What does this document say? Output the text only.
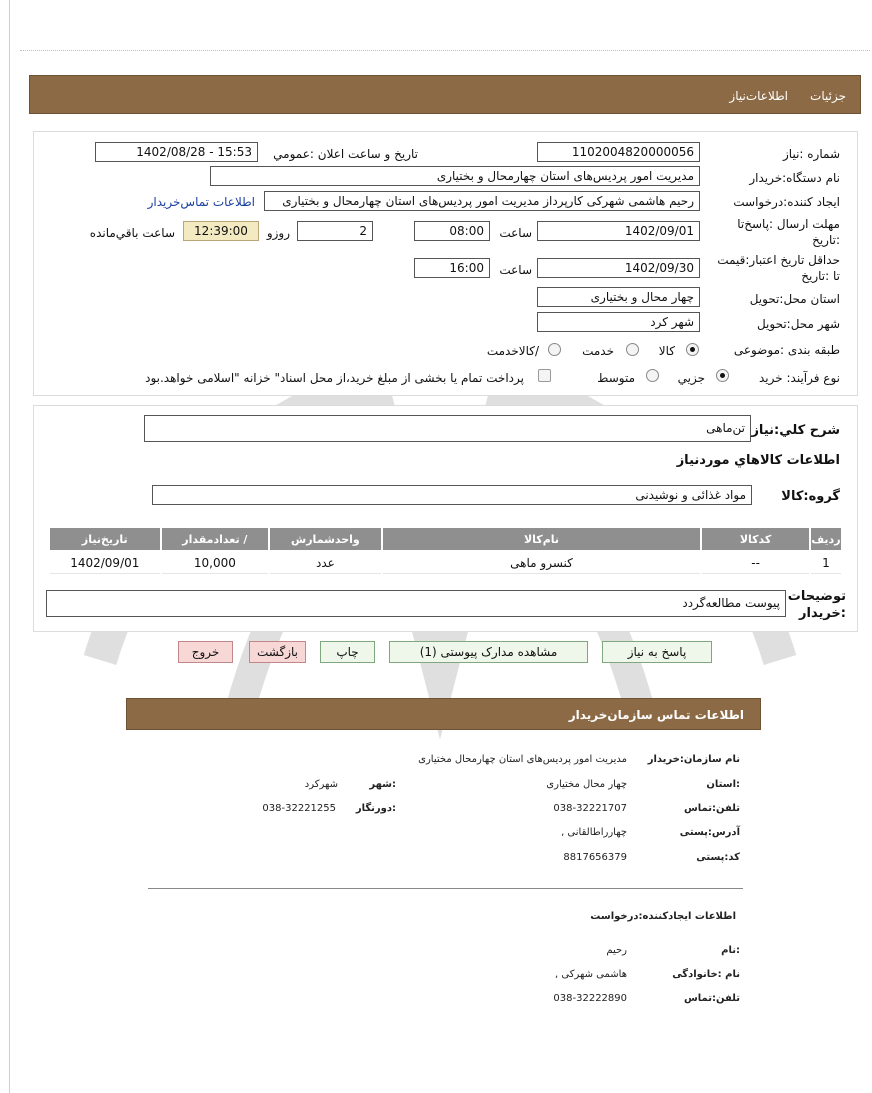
جزئیات
اطلاعات‌نیاز
شماره :نیاز
1102004820000056
تاریخ و ساعت اعلان :عمومي
1402/08/28 - 15:53
نام دستگاه:خریدار
مدیریت امور پردیس‌های استان چهارمحال و بختیاری
ایجاد کننده:درخواست
رحیم هاشمی شهرکی کارپرداز مدیریت امور پردیس‌های استان چهارمحال و بختیاری
اطلاعات تماس‌خریدار
مهلت ارسال :پاسخ‌تا
:تاریخ
1402/09/01
ساعت
08:00
2
روزو
12:39:00
ساعت باقي‌مانده
حداقل تاریخ اعتبار:قیمت
تا :تاریخ
1402/09/30
ساعت
16:00
استان محل:تحویل
چهار محال و بختیاری
شهر محل:تحویل
شهر کرد
طبقه بندی :موضوعی
کالا
خدمت
/کالاخدمت
نوع فرآیند: خرید
جزیي
متوسط
پرداخت تمام یا بخشی از مبلغ خرید،از محل اسناد" خزانه "اسلامی خواهد.بود
شرح کلي:نیاز
تن‌ماهی
اطلاعات کالاهاي موردنیاز
گروه:کالا
مواد غذائی و نوشیدنی
ردیف	کدکالا	نام‌کالا	واحدشمارش	/ تعدادمقدار	تاریخ‌نیاز
1	--	کنسرو ماهی	عدد	10,000	1402/09/01
توضیحات
:خریدار
پیوست مطالعه‌گردد
پاسخ به نیاز
مشاهده مدارک پیوستی (1)
چاپ
بازگشت
خروج
اطلاعات تماس سازمان‌خریدار
نام سازمان:خریدار
مدیریت امور پردیس‌های استان چهارمحال مختیاری
:استان
چهار محال مختیاری
:شهر
شهرکرد
تلفن:تماس
038-32221707
:دورنگار
038-32221255
آدرس:پستی
چهارراطالقانی ,
کد:پستی
8817656379
اطلاعات ایجادکننده:درخواست
:نام
رحیم
نام :خانوادگی
هاشمی شهرکی ,
تلفن:تماس
038-32222890
